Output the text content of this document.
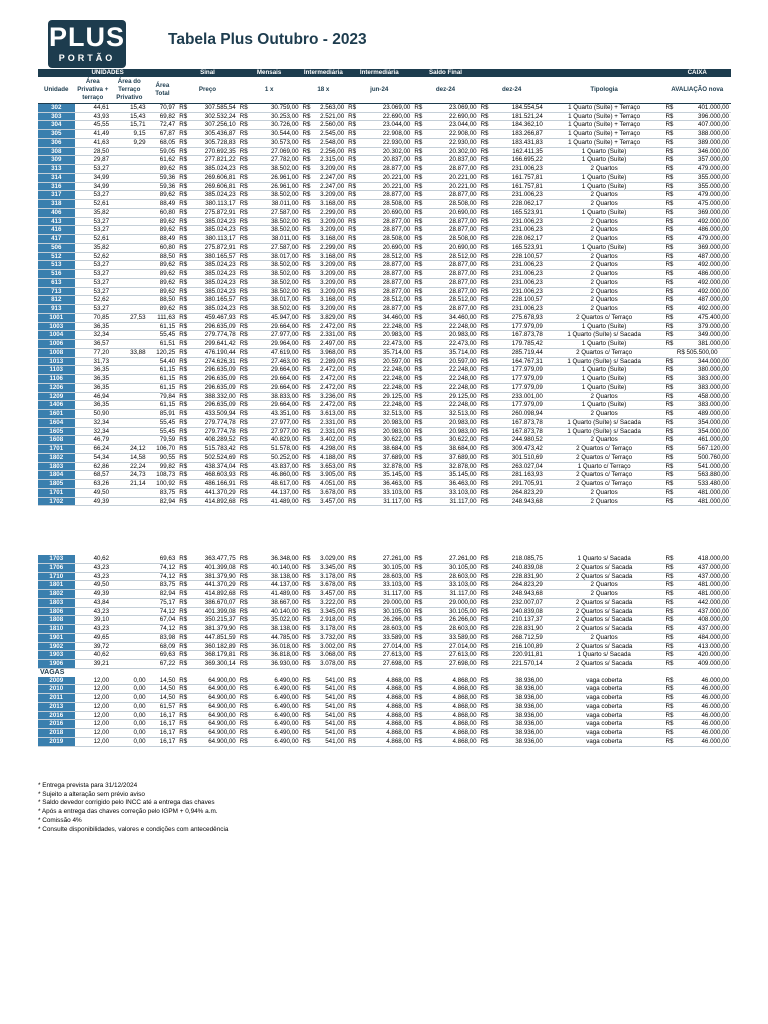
PLUS
PORTÃO
Tabela Plus Outubro - 2023
UNIDADES				Sinal		Mensais		Intermediária		Intermediária		Saldo Final					CAIXA	
Unidade	Área Privativa + terraço	Área do Terraço Privativo	Área Total	Preço		1 x		18 x		jun-24		dez-24		dez-24		Tipologia	AVALIAÇÃO nova	
302	44,61	15,43	70,97	R$	307.585,54	R$	30.759,00	R$	2.563,00	R$	23.069,00	R$	23.069,00	R$	184.554,54	1 Quarto (Suíte) + Terraço	R$	401.000,00
303	43,93	15,43	69,82	R$	302.532,24	R$	30.253,00	R$	2.521,00	R$	22.690,00	R$	22.690,00	R$	181.521,24	1 Quarto (Suíte) + Terraço	R$	396.000,00
304	45,55	15,71	72,47	R$	307.256,10	R$	30.726,00	R$	2.560,00	R$	23.044,00	R$	23.044,00	R$	184.362,10	1 Quarto (Suíte) + Terraço	R$	407.000,00
305	41,49	9,15	67,87	R$	305.436,87	R$	30.544,00	R$	2.545,00	R$	22.908,00	R$	22.908,00	R$	183.266,87	1 Quarto (Suíte) + Terraço	R$	388.000,00
306	41,63	9,29	68,05	R$	305.728,83	R$	30.573,00	R$	2.548,00	R$	22.930,00	R$	22.930,00	R$	183.431,83	1 Quarto (Suíte) + Terraço	R$	389.000,00
308	28,50		59,05	R$	270.692,35	R$	27.069,00	R$	2.256,00	R$	20.302,00	R$	20.302,00	R$	162.411,35	1 Quarto (Suíte)	R$	346.000,00
309	29,87		61,62	R$	277.821,22	R$	27.782,00	R$	2.315,00	R$	20.837,00	R$	20.837,00	R$	166.695,22	1 Quarto (Suíte)	R$	357.000,00
313	53,27		89,62	R$	385.024,23	R$	38.502,00	R$	3.209,00	R$	28.877,00	R$	28.877,00	R$	231.006,23	2 Quartos	R$	479.000,00
314	34,99		59,36	R$	269.606,81	R$	26.961,00	R$	2.247,00	R$	20.221,00	R$	20.221,00	R$	161.757,81	1 Quarto (Suíte)	R$	355.000,00
316	34,99		59,36	R$	269.606,81	R$	26.961,00	R$	2.247,00	R$	20.221,00	R$	20.221,00	R$	161.757,81	1 Quarto (Suíte)	R$	355.000,00
317	53,27		89,62	R$	385.024,23	R$	38.502,00	R$	3.209,00	R$	28.877,00	R$	28.877,00	R$	231.006,23	2 Quartos	R$	479.000,00
318	52,61		88,49	R$	380.113,17	R$	38.011,00	R$	3.168,00	R$	28.508,00	R$	28.508,00	R$	228.062,17	2 Quartos	R$	475.000,00
406	35,82		60,80	R$	275.872,91	R$	27.587,00	R$	2.299,00	R$	20.690,00	R$	20.690,00	R$	165.523,91	1 Quarto (Suíte)	R$	369.000,00
413	53,27		89,62	R$	385.024,23	R$	38.502,00	R$	3.209,00	R$	28.877,00	R$	28.877,00	R$	231.006,23	2 Quartos	R$	492.000,00
416	53,27		89,62	R$	385.024,23	R$	38.502,00	R$	3.209,00	R$	28.877,00	R$	28.877,00	R$	231.006,23	2 Quartos	R$	486.000,00
417	52,61		88,49	R$	380.113,17	R$	38.011,00	R$	3.168,00	R$	28.508,00	R$	28.508,00	R$	228.062,17	2 Quartos	R$	479.000,00
506	35,82		60,80	R$	275.872,91	R$	27.587,00	R$	2.299,00	R$	20.690,00	R$	20.690,00	R$	165.523,91	1 Quarto (Suíte)	R$	369.000,00
512	52,62		88,50	R$	380.165,57	R$	38.017,00	R$	3.168,00	R$	28.512,00	R$	28.512,00	R$	228.100,57	2 Quartos	R$	487.000,00
513	53,27		89,62	R$	385.024,23	R$	38.502,00	R$	3.209,00	R$	28.877,00	R$	28.877,00	R$	231.006,23	2 Quartos	R$	492.000,00
516	53,27		89,62	R$	385.024,23	R$	38.502,00	R$	3.209,00	R$	28.877,00	R$	28.877,00	R$	231.006,23	2 Quartos	R$	486.000,00
613	53,27		89,62	R$	385.024,23	R$	38.502,00	R$	3.209,00	R$	28.877,00	R$	28.877,00	R$	231.006,23	2 Quartos	R$	492.000,00
713	53,27		89,62	R$	385.024,23	R$	38.502,00	R$	3.209,00	R$	28.877,00	R$	28.877,00	R$	231.006,23	2 Quartos	R$	492.000,00
812	52,62		88,50	R$	380.165,57	R$	38.017,00	R$	3.168,00	R$	28.512,00	R$	28.512,00	R$	228.100,57	2 Quartos	R$	487.000,00
913	53,27		89,62	R$	385.024,23	R$	38.502,00	R$	3.209,00	R$	28.877,00	R$	28.877,00	R$	231.006,23	2 Quartos	R$	492.000,00
1001	70,85	27,53	111,63	R$	459.467,93	R$	45.947,00	R$	3.829,00	R$	34.460,00	R$	34.460,00	R$	275.678,93	2 Quartos c/ Terraço	R$	475.400,00
1003	36,35		61,15	R$	296.635,09	R$	29.664,00	R$	2.472,00	R$	22.248,00	R$	22.248,00	R$	177.979,09	1 Quarto (Suíte)	R$	379.000,00
1004	32,34		55,45	R$	279.774,78	R$	27.977,00	R$	2.331,00	R$	20.983,00	R$	20.983,00	R$	167.873,78	1 Quarto (Suíte) s/ Sacada	R$	349.000,00
1006	36,57		61,51	R$	299.641,42	R$	29.964,00	R$	2.497,00	R$	22.473,00	R$	22.473,00	R$	179.785,42	1 Quarto (Suíte)	R$	381.000,00
1008	77,20	33,88	120,25	R$	476.190,44	R$	47.619,00	R$	3.968,00	R$	35.714,00	R$	35.714,00	R$	285.719,44	2 Quartos c/ Terraço	R$ 505.500,00	
1013	31,73		54,40	R$	274.626,31	R$	27.463,00	R$	2.289,00	R$	20.597,00	R$	20.597,00	R$	164.767,31	1 Quarto (Suíte) s/ Sacada	R$	344.000,00
1103	36,35		61,15	R$	296.635,09	R$	29.664,00	R$	2.472,00	R$	22.248,00	R$	22.248,00	R$	177.979,09	1 Quarto (Suíte)	R$	380.000,00
1106	36,35		61,15	R$	296.635,09	R$	29.664,00	R$	2.472,00	R$	22.248,00	R$	22.248,00	R$	177.979,09	1 Quarto (Suíte)	R$	383.000,00
1206	36,35		61,15	R$	296.635,09	R$	29.664,00	R$	2.472,00	R$	22.248,00	R$	22.248,00	R$	177.979,09	1 Quarto (Suíte)	R$	383.000,00
1209	46,94		79,84	R$	388.332,00	R$	38.833,00	R$	3.236,00	R$	29.125,00	R$	29.125,00	R$	233.001,00	2 Quartos	R$	458.000,00
1406	36,35		61,15	R$	296.635,09	R$	29.664,00	R$	2.472,00	R$	22.248,00	R$	22.248,00	R$	177.979,09	1 Quarto (Suíte)	R$	383.000,00
1601	50,90		85,91	R$	433.509,94	R$	43.351,00	R$	3.613,00	R$	32.513,00	R$	32.513,00	R$	260.098,94	2 Quartos	R$	489.000,00
1604	32,34		55,45	R$	279.774,78	R$	27.977,00	R$	2.331,00	R$	20.983,00	R$	20.983,00	R$	167.873,78	1 Quarto (Suíte) s/ Sacada	R$	354.000,00
1605	32,34		55,45	R$	279.774,78	R$	27.977,00	R$	2.331,00	R$	20.983,00	R$	20.983,00	R$	167.873,78	1 Quarto (Suíte) s/ Sacada	R$	354.000,00
1608	46,79		79,59	R$	408.289,52	R$	40.829,00	R$	3.402,00	R$	30.622,00	R$	30.622,00	R$	244.980,52	2 Quartos	R$	461.000,00
1701	66,24	24,12	106,70	R$	515.783,42	R$	51.578,00	R$	4.298,00	R$	38.684,00	R$	38.684,00	R$	309.473,42	2 Quartos c/ Terraço	R$	567.120,00
1802	54,34	14,58	90,55	R$	502.524,69	R$	50.252,00	R$	4.188,00	R$	37.689,00	R$	37.689,00	R$	301.510,69	2 Quartos c/ Terraço	R$	500.760,00
1803	62,86	22,24	99,82	R$	438.374,04	R$	43.837,00	R$	3.653,00	R$	32.878,00	R$	32.878,00	R$	263.027,04	1 Quarto c/ Terraço	R$	541.000,00
1804	68,57	24,73	108,73	R$	468.603,93	R$	46.860,00	R$	3.905,00	R$	35.145,00	R$	35.145,00	R$	281.163,93	2 Quartos c/ Terraço	R$	563.880,00
1805	63,26	21,14	100,92	R$	486.166,91	R$	48.617,00	R$	4.051,00	R$	36.463,00	R$	36.463,00	R$	291.705,91	2 Quartos c/ Terraço	R$	533.480,00
1701	49,50		83,75	R$	441.370,29	R$	44.137,00	R$	3.678,00	R$	33.103,00	R$	33.103,00	R$	264.823,29	2 Quartos	R$	481.000,00
1702	49,39		82,94	R$	414.892,68	R$	41.489,00	R$	3.457,00	R$	31.117,00	R$	31.117,00	R$	248.943,68	2 Quartos	R$	481.000,00
1703	40,62		69,63	R$	363.477,75	R$	36.348,00	R$	3.029,00	R$	27.261,00	R$	27.261,00	R$	218.085,75	1 Quarto s/ Sacada	R$	418.000,00
1706	43,23		74,12	R$	401.399,08	R$	40.140,00	R$	3.345,00	R$	30.105,00	R$	30.105,00	R$	240.839,08	2 Quartos s/ Sacada	R$	437.000,00
1710	43,23		74,12	R$	381.379,90	R$	38.138,00	R$	3.178,00	R$	28.603,00	R$	28.603,00	R$	228.831,90	2 Quartos s/ Sacada	R$	437.000,00
1801	49,50		83,75	R$	441.370,29	R$	44.137,00	R$	3.678,00	R$	33.103,00	R$	33.103,00	R$	264.823,29	2 Quartos	R$	481.000,00
1802	49,39		82,94	R$	414.892,68	R$	41.489,00	R$	3.457,00	R$	31.117,00	R$	31.117,00	R$	248.943,68	2 Quartos	R$	481.000,00
1803	43,84		75,17	R$	386.670,07	R$	38.667,00	R$	3.222,00	R$	29.000,00	R$	29.000,00	R$	232.007,07	2 Quartos s/ Sacada	R$	442.000,00
1806	43,23		74,12	R$	401.399,08	R$	40.140,00	R$	3.345,00	R$	30.105,00	R$	30.105,00	R$	240.839,08	2 Quartos s/ Sacada	R$	437.000,00
1808	39,10		67,04	R$	350.215,37	R$	35.022,00	R$	2.918,00	R$	26.266,00	R$	26.266,00	R$	210.137,37	2 Quartos s/ Sacada	R$	408.000,00
1810	43,23		74,12	R$	381.379,90	R$	38.138,00	R$	3.178,00	R$	28.603,00	R$	28.603,00	R$	228.831,90	2 Quartos s/ Sacada	R$	437.000,00
1901	49,65		83,98	R$	447.851,59	R$	44.785,00	R$	3.732,00	R$	33.589,00	R$	33.589,00	R$	268.712,59	2 Quartos	R$	484.000,00
1902	39,72		68,09	R$	360.182,89	R$	36.018,00	R$	3.002,00	R$	27.014,00	R$	27.014,00	R$	216.100,89	2 Quartos s/ Sacada	R$	413.000,00
1903	40,62		69,63	R$	368.179,81	R$	36.818,00	R$	3.068,00	R$	27.613,00	R$	27.613,00	R$	220.911,81	1 Quarto s/ Sacada	R$	420.000,00
1906	39,21		67,22	R$	369.300,14	R$	36.930,00	R$	3.078,00	R$	27.698,00	R$	27.698,00	R$	221.570,14	2 Quartos s/ Sacada	R$	409.000,00
VAGAS																		
2009	12,00	0,00	14,50	R$	64.900,00	R$	6.490,00	R$	541,00	R$	4.868,00	R$	4.868,00	R$	38.936,00	vaga coberta	R$	46.000,00
2010	12,00	0,00	14,50	R$	64.900,00	R$	6.490,00	R$	541,00	R$	4.868,00	R$	4.868,00	R$	38.936,00	vaga coberta	R$	46.000,00
2011	12,00	0,00	14,50	R$	64.900,00	R$	6.490,00	R$	541,00	R$	4.868,00	R$	4.868,00	R$	38.936,00	vaga coberta	R$	46.000,00
2013	12,00	0,00	61,57	R$	64.900,00	R$	6.490,00	R$	541,00	R$	4.868,00	R$	4.868,00	R$	38.936,00	vaga coberta	R$	46.000,00
2016	12,00	0,00	16,17	R$	64.900,00	R$	6.490,00	R$	541,00	R$	4.868,00	R$	4.868,00	R$	38.936,00	vaga coberta	R$	46.000,00
2016	12,00	0,00	16,17	R$	64.900,00	R$	6.490,00	R$	541,00	R$	4.868,00	R$	4.868,00	R$	38.936,00	vaga coberta	R$	46.000,00
2018	12,00	0,00	16,17	R$	64.900,00	R$	6.490,00	R$	541,00	R$	4.868,00	R$	4.868,00	R$	38.936,00	vaga coberta	R$	46.000,00
2019	12,00	0,00	16,17	R$	64.900,00	R$	6.490,00	R$	541,00	R$	4.868,00	R$	4.868,00	R$	38.936,00	vaga coberta	R$	46.000,00
* Entrega prevista para 31/12/2024
* Sujeito a alteração sem prévio aviso
* Saldo devedor corrigido pelo INCC até a entrega das chaves
* Após a entrega das chaves correção pelo IGPM + 0,94% a.m.
* Comissão 4%
* Consulte disponibilidades, valores e condições com antecedência
